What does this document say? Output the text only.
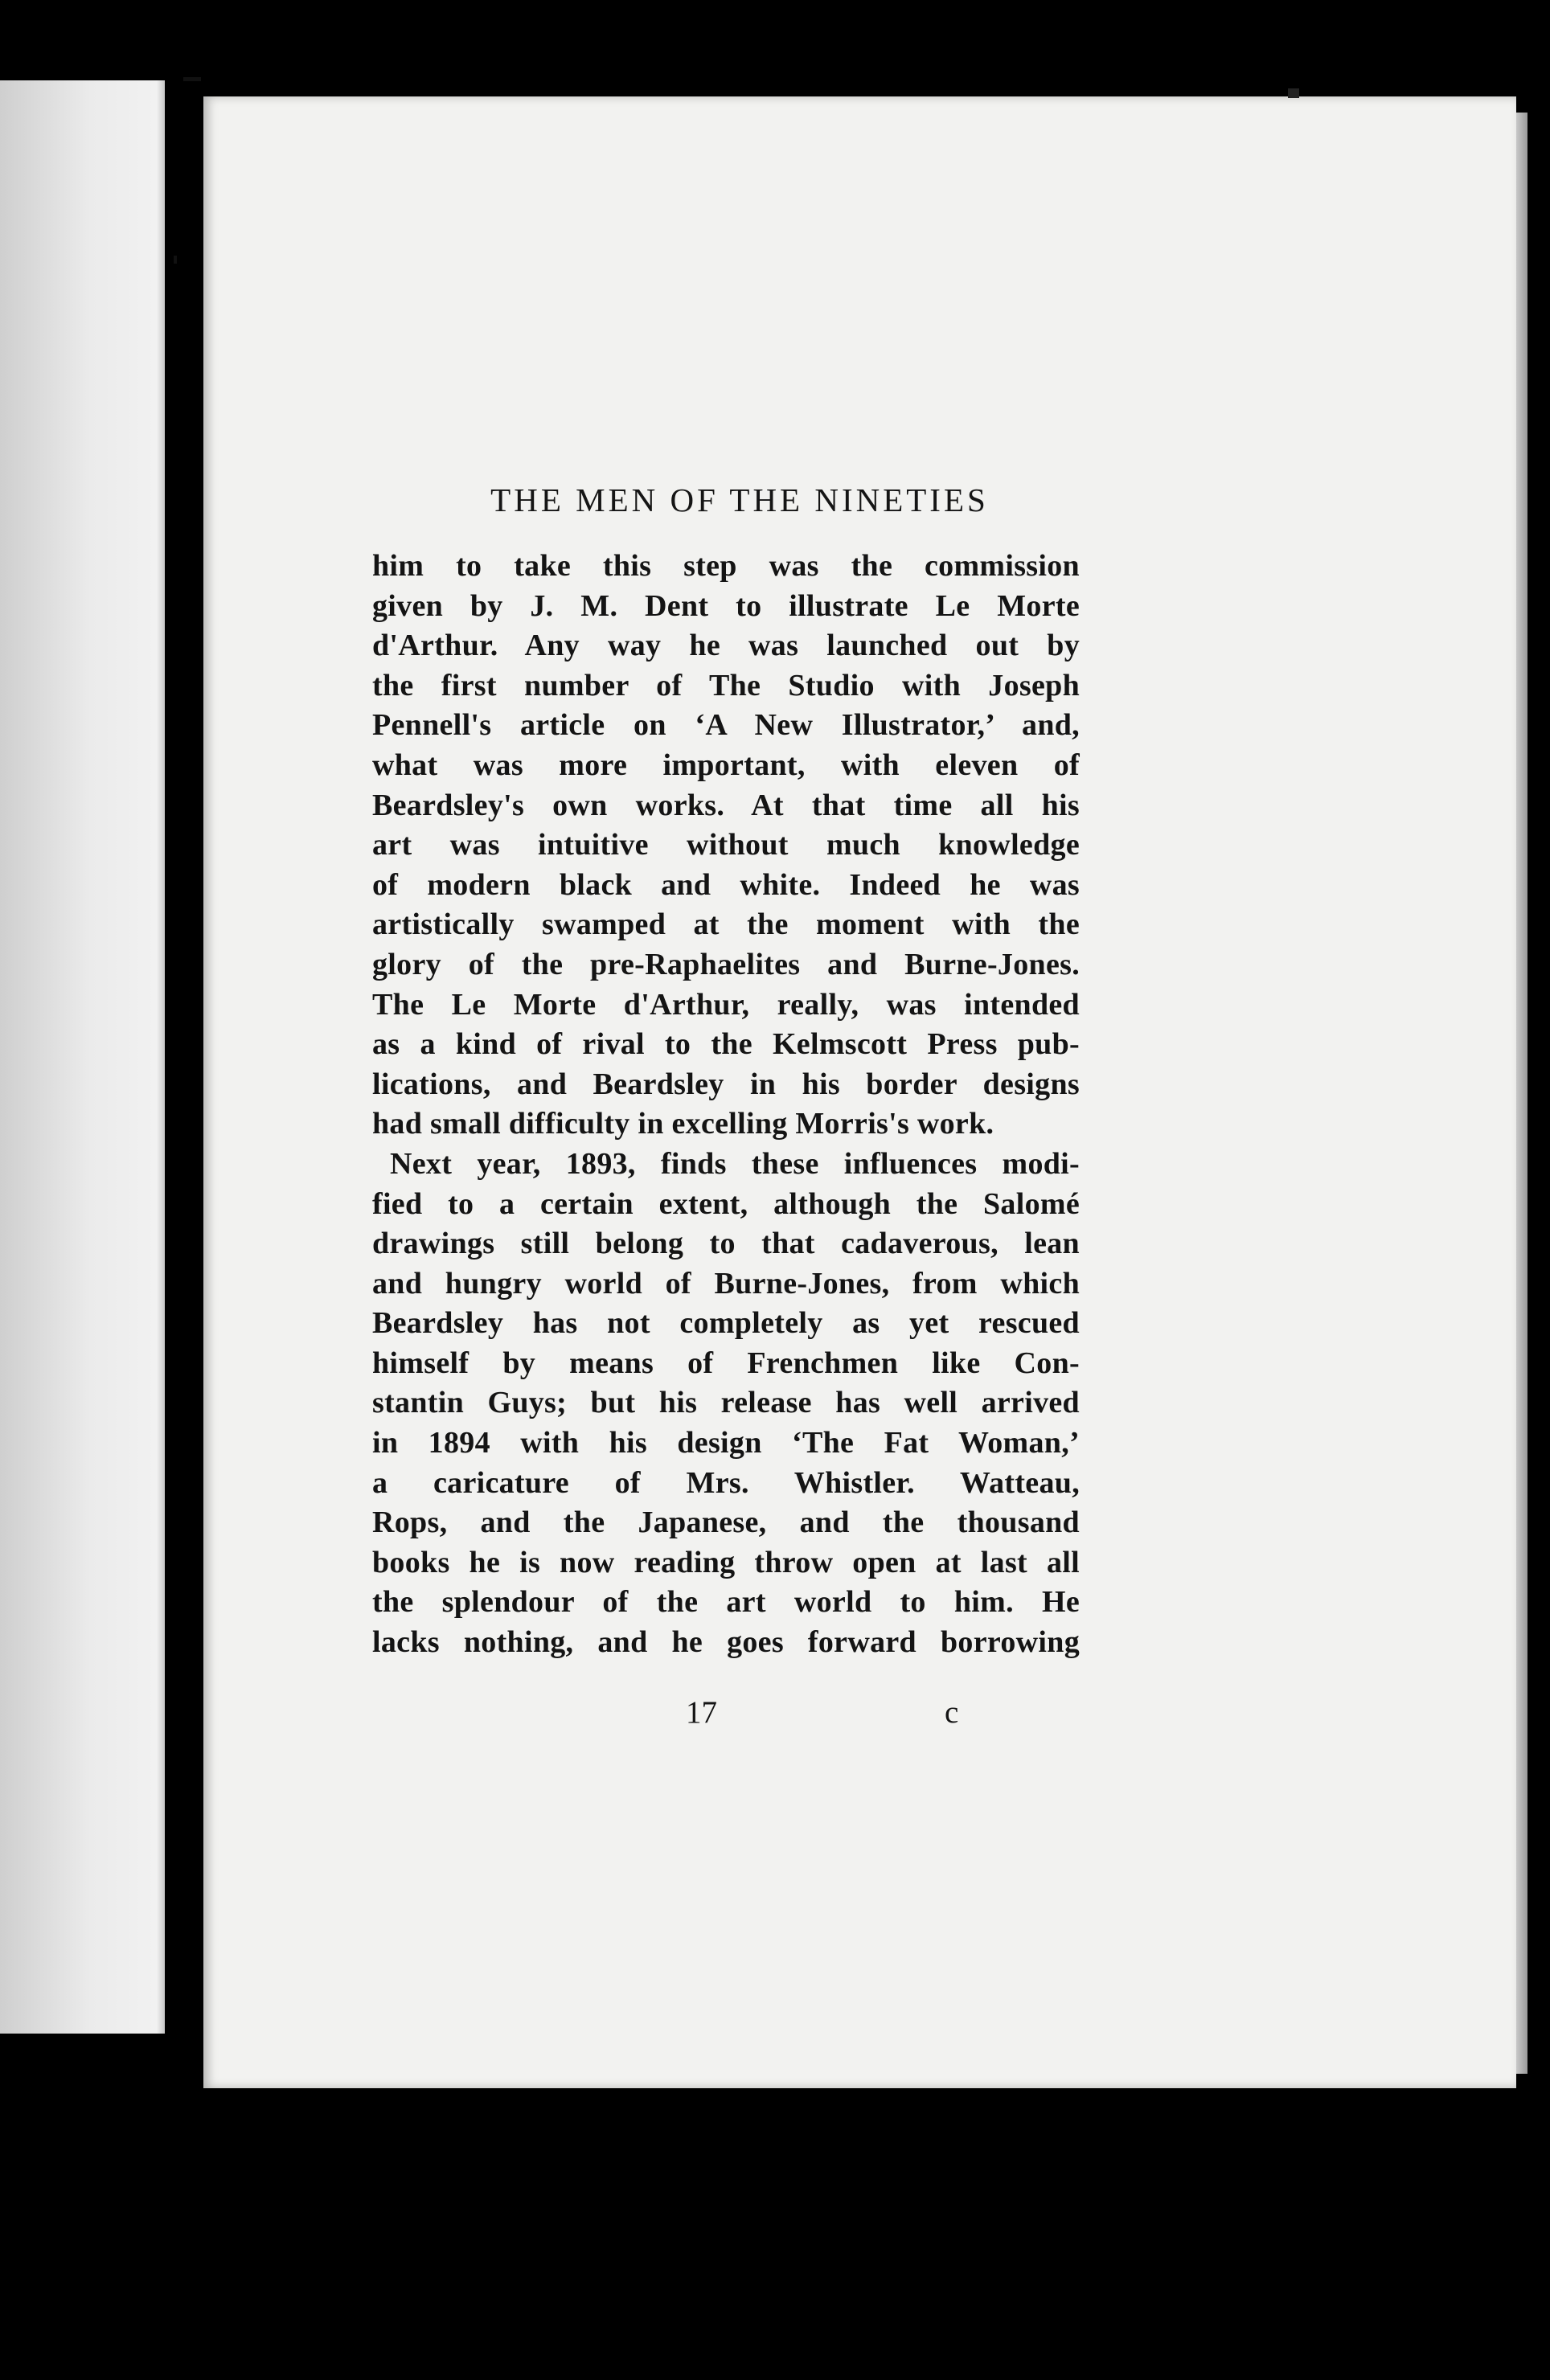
THE MEN OF THE NINETIES
him to take this step was the commission
given by J. M. Dent to illustrate Le Morte
d'Arthur. Any way he was launched out by
the first number of The Studio with Joseph
Pennell's article on ‘A New Illustrator,’ and,
what was more important, with eleven of
Beardsley's own works. At that time all his
art was intuitive without much knowledge
of modern black and white. Indeed he was
artistically swamped at the moment with the
glory of the pre-Raphaelites and Burne-Jones.
The Le Morte d'Arthur, really, was intended
as a kind of rival to the Kelmscott Press pub-
lications, and Beardsley in his border designs
had small difficulty in excelling Morris's work.
Next year, 1893, finds these influences modi-
fied to a certain extent, although the Salomé
drawings still belong to that cadaverous, lean
and hungry world of Burne-Jones, from which
Beardsley has not completely as yet rescued
himself by means of Frenchmen like Con-
stantin Guys; but his release has well arrived
in 1894 with his design ‘The Fat Woman,’
a caricature of Mrs. Whistler. Watteau,
Rops, and the Japanese, and the thousand
books he is now reading throw open at last all
the splendour of the art world to him. He
lacks nothing, and he goes forward borrowing
17	c
